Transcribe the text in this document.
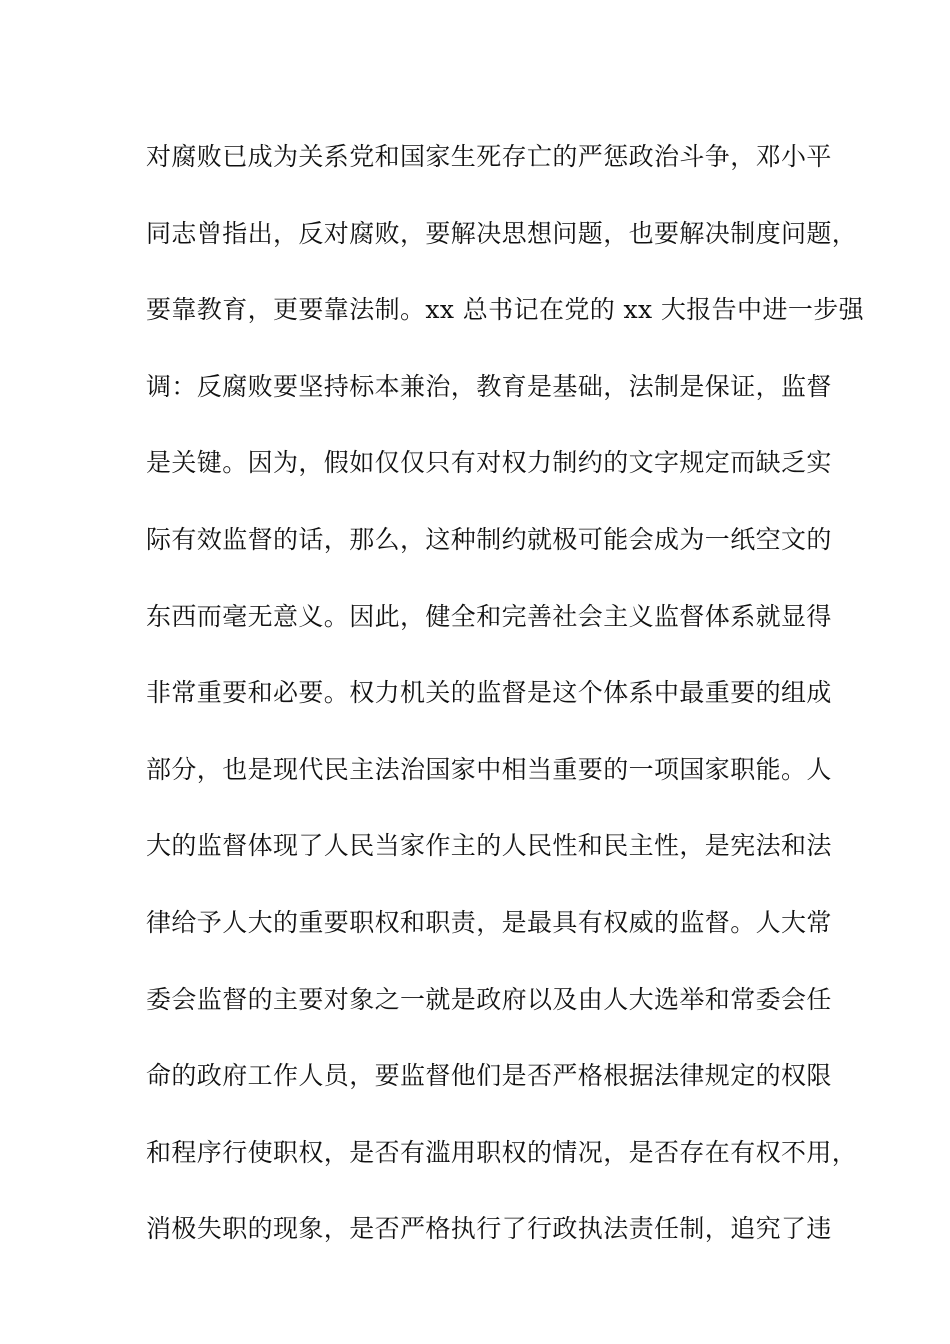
对腐败已成为关系党和国家生死存亡的严惩政治斗争，邓小平
同志曾指出，反对腐败，要解决思想问题，也要解决制度问题，
要靠教育，更要靠法制。xx 总书记在党的 xx 大报告中进一步强
调：反腐败要坚持标本兼治，教育是基础，法制是保证，监督
是关键。因为，假如仅仅只有对权力制约的文字规定而缺乏实
际有效监督的话，那么，这种制约就极可能会成为一纸空文的
东西而毫无意义。因此，健全和完善社会主义监督体系就显得
非常重要和必要。权力机关的监督是这个体系中最重要的组成
部分，也是现代民主法治国家中相当重要的一项国家职能。人
大的监督体现了人民当家作主的人民性和民主性，是宪法和法
律给予人大的重要职权和职责，是最具有权威的监督。人大常
委会监督的主要对象之一就是政府以及由人大选举和常委会任
命的政府工作人员，要监督他们是否严格根据法律规定的权限
和程序行使职权，是否有滥用职权的情况，是否存在有权不用，
消极失职的现象，是否严格执行了行政执法责任制，追究了违
